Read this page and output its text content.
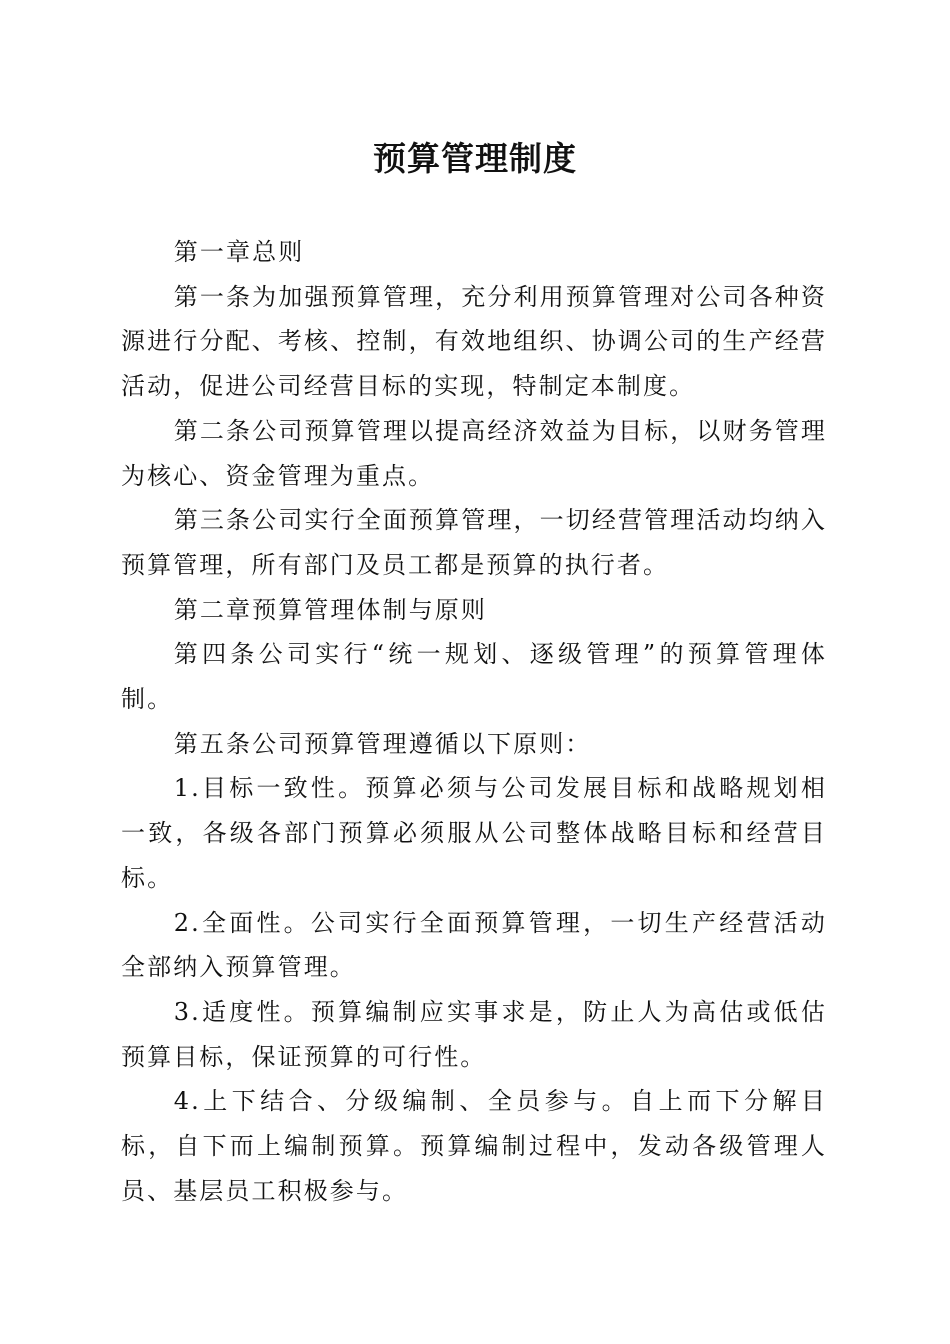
预算管理制度

第一章总则

第一条为加强预算管理，充分利用预算管理对公司各种资源进行分配、考核、控制，有效地组织、协调公司的生产经营活动，促进公司经营目标的实现，特制定本制度。

第二条公司预算管理以提高经济效益为目标，以财务管理为核心、资金管理为重点。

第三条公司实行全面预算管理，一切经营管理活动均纳入预算管理，所有部门及员工都是预算的执行者。

第二章预算管理体制与原则

第四条公司实行“统一规划、逐级管理”的预算管理体制。

第五条公司预算管理遵循以下原则：

1.目标一致性。预算必须与公司发展目标和战略规划相一致，各级各部门预算必须服从公司整体战略目标和经营目标。

2.全面性。公司实行全面预算管理，一切生产经营活动全部纳入预算管理。

3.适度性。预算编制应实事求是，防止人为高估或低估预算目标，保证预算的可行性。

4.上下结合、分级编制、全员参与。自上而下分解目标，自下而上编制预算。预算编制过程中，发动各级管理人员、基层员工积极参与。
